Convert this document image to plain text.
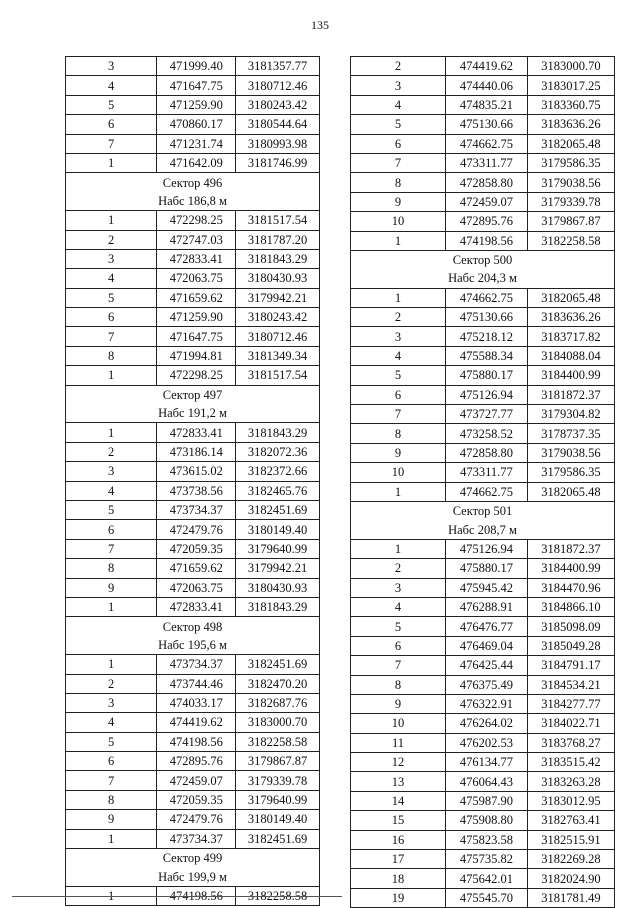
135
3	471999.40	3181357.77
4	471647.75	3180712.46
5	471259.90	3180243.42
6	470860.17	3180544.64
7	471231.74	3180993.98
1	471642.09	3181746.99
Сектор 496		
Набс 186,8 м		
1	472298.25	3181517.54
2	472747.03	3181787.20
3	472833.41	3181843.29
4	472063.75	3180430.93
5	471659.62	3179942.21
6	471259.90	3180243.42
7	471647.75	3180712.46
8	471994.81	3181349.34
1	472298.25	3181517.54
Сектор 497		
Набс 191,2 м		
1	472833.41	3181843.29
2	473186.14	3182072.36
3	473615.02	3182372.66
4	473738.56	3182465.76
5	473734.37	3182451.69
6	472479.76	3180149.40
7	472059.35	3179640.99
8	471659.62	3179942.21
9	472063.75	3180430.93
1	472833.41	3181843.29
Сектор 498		
Набс 195,6 м		
1	473734.37	3182451.69
2	473744.46	3182470.20
3	474033.17	3182687.76
4	474419.62	3183000.70
5	474198.56	3182258.58
6	472895.76	3179867.87
7	472459.07	3179339.78
8	472059.35	3179640.99
9	472479.76	3180149.40
1	473734.37	3182451.69
Сектор 499		
Набс 199,9 м		
1	474198.56	3182258.58
2	474419.62	3183000.70
3	474440.06	3183017.25
4	474835.21	3183360.75
5	475130.66	3183636.26
6	474662.75	3182065.48
7	473311.77	3179586.35
8	472858.80	3179038.56
9	472459.07	3179339.78
10	472895.76	3179867.87
1	474198.56	3182258.58
Сектор 500		
Набс 204,3 м		
1	474662.75	3182065.48
2	475130.66	3183636.26
3	475218.12	3183717.82
4	475588.34	3184088.04
5	475880.17	3184400.99
6	475126.94	3181872.37
7	473727.77	3179304.82
8	473258.52	3178737.35
9	472858.80	3179038.56
10	473311.77	3179586.35
1	474662.75	3182065.48
Сектор 501		
Набс 208,7 м		
1	475126.94	3181872.37
2	475880.17	3184400.99
3	475945.42	3184470.96
4	476288.91	3184866.10
5	476476.77	3185098.09
6	476469.04	3185049.28
7	476425.44	3184791.17
8	476375.49	3184534.21
9	476322.91	3184277.77
10	476264.02	3184022.71
11	476202.53	3183768.27
12	476134.77	3183515.42
13	476064.43	3183263.28
14	475987.90	3183012.95
15	475908.80	3182763.41
16	475823.58	3182515.91
17	475735.82	3182269.28
18	475642.01	3182024.90
19	475545.70	3181781.49
